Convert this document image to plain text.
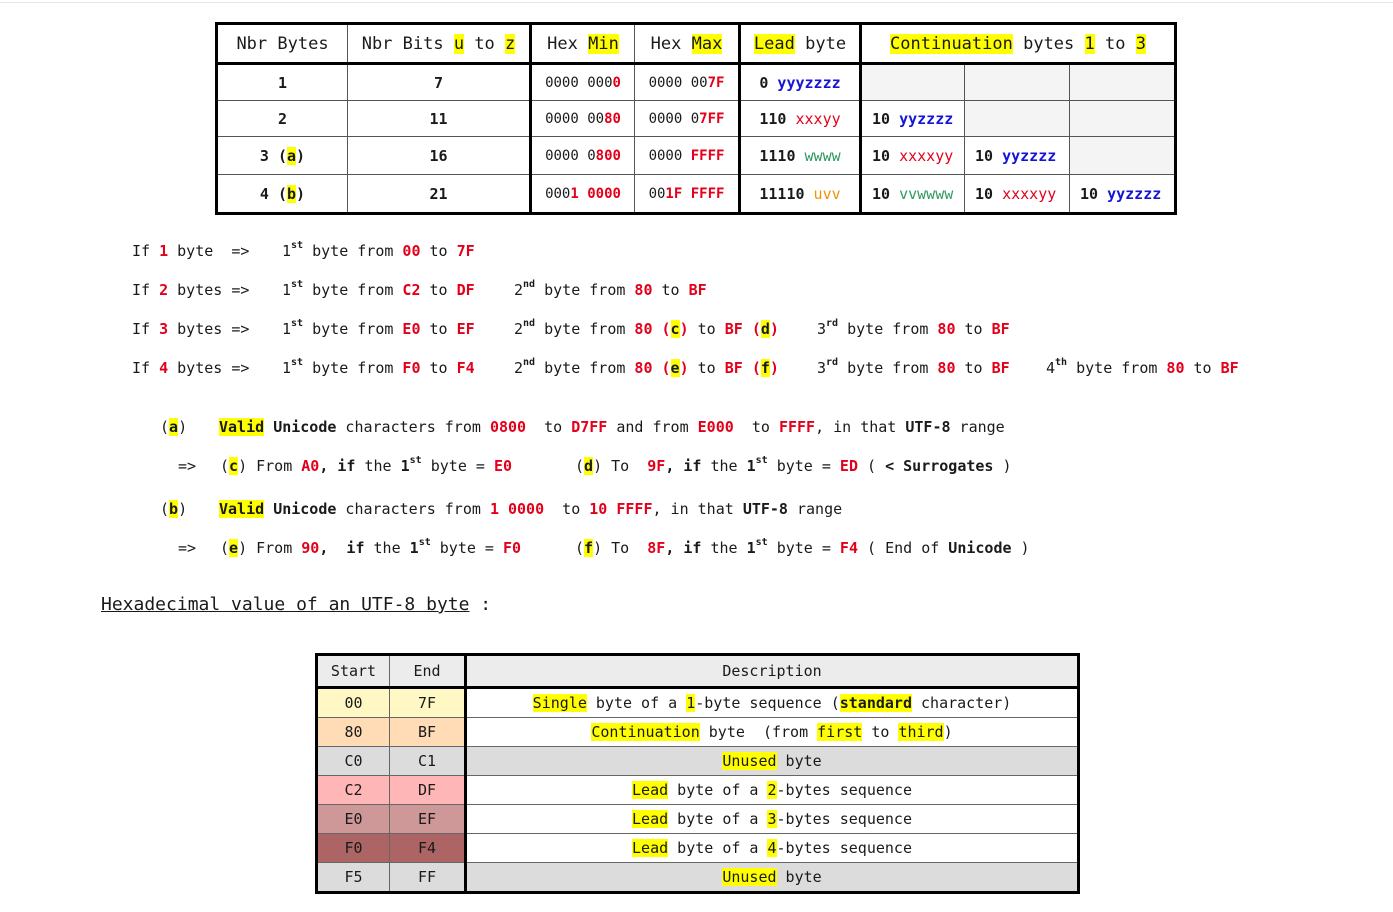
Nbr Bytes	Nbr Bits u to z	Hex Min	Hex Max	Lead byte	Continuation bytes 1 to 3		
1	7	0000 0000	0000 007F	0 yyyzzzz			
2	11	0000 0080	0000 07FF	110 xxxyy	10 yyzzzz		
3 (a)	16	0000 0800	0000 FFFF	1110 wwww	10 xxxxyy	10 yyzzzz	
4 (b)	21	0001 0000	001F FFFF	11110 uvv	10 vvwwww	10 xxxxyy	10 yyzzzz
If 1 byte  => 1st byte from 00 to 7F
If 2 bytes => 1st byte from C2 to DF	2nd byte from 80 to BF
If 3 bytes => 1st byte from E0 to EF	2nd byte from 80 (c) to BF (d)	3rd byte from 80 to BF
If 4 bytes => 1st byte from F0 to F4	2nd byte from 80 (e) to BF (f)	3rd byte from 80 to BF 4th byte from 80 to BF
(a) Valid Unicode characters from 0800  to D7FF and from E000  to FFFF, in that UTF-8 range
=> (c) From A0, if the 1st byte = E0	(d) To  9F, if the 1st byte = ED ( < Surrogates )
(b) Valid Unicode characters from 1 0000  to 10 FFFF, in that UTF-8 range
=> (e) From 90,  if the 1st byte = F0	(f) To  8F, if the 1st byte = F4 ( End of Unicode )
Hexadecimal value of an UTF-8 byte :
Start	End	Description
00	7F	Single byte of a 1-byte sequence (standard character)
80	BF	Continuation byte  (from first to third)
C0	C1	Unused byte
C2	DF	Lead byte of a 2-bytes sequence
E0	EF	Lead byte of a 3-bytes sequence
F0	F4	Lead byte of a 4-bytes sequence
F5	FF	Unused byte
